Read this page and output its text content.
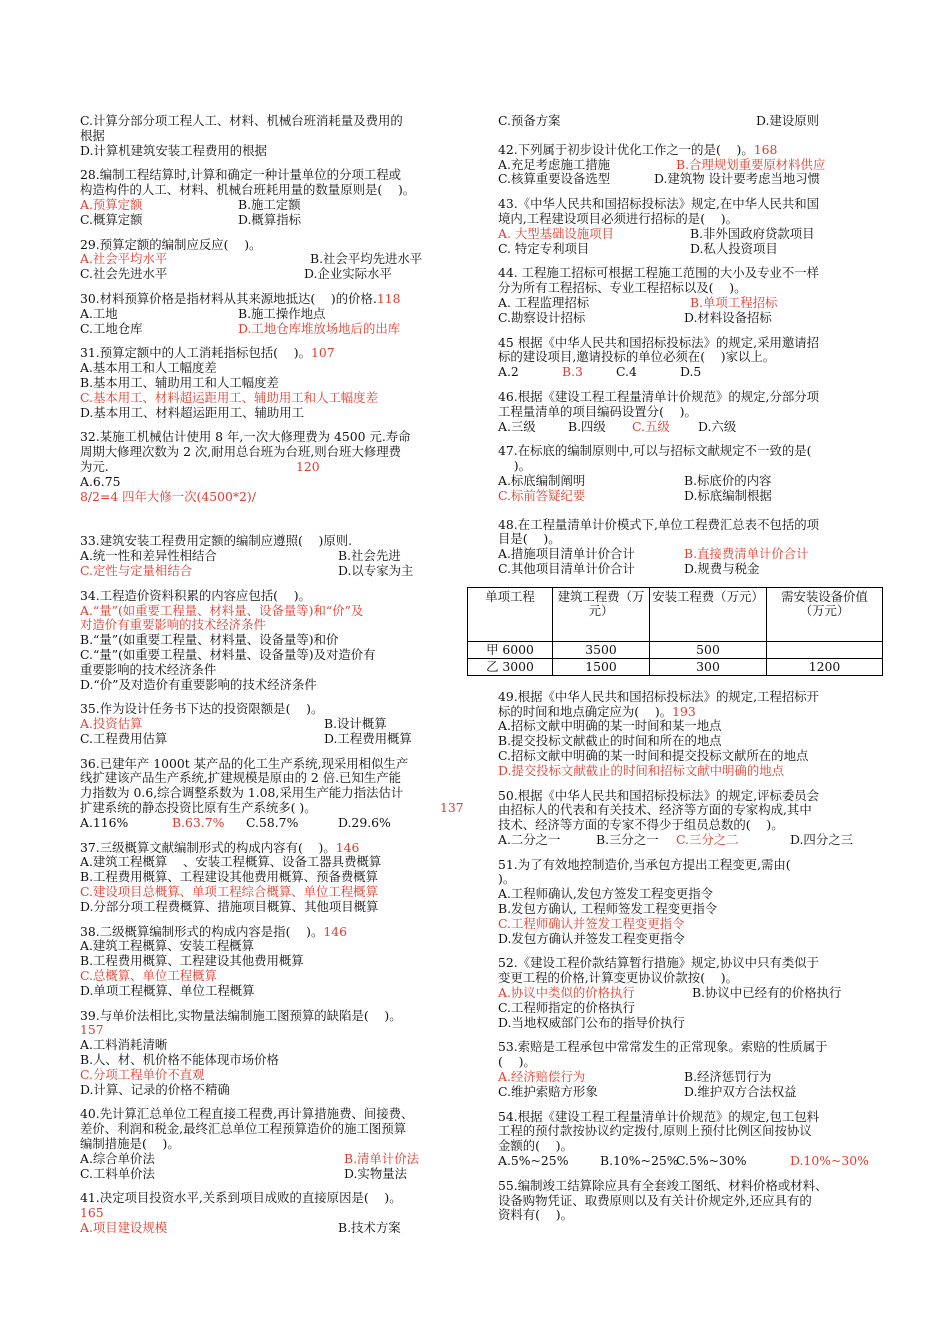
C.计算分部分项工程人工、材料、机械台班消耗量及费用的
根据
D.计算机建筑安装工程费用的根据
28.编制工程结算时,计算和确定一种计量单位的分项工程或
构造构件的人工、材料、机械台班耗用量的数量原则是(    )。
A.预算定额	B.施工定额
C.概算定额	D.概算指标
29.预算定额的编制应反应(    )。
A.社会平均水平	B.社会平均先进水平
C.社会先进水平	D.企业实际水平
30.材料预算价格是指材料从其来源地抵达(    )的价格.118
A.工地	B.施工操作地点
C.工地仓库	D.工地仓库堆放场地后的出库
31.预算定额中的人工消耗指标包括(    )。107
A.基本用工和人工幅度差
B.基本用工、辅助用工和人工幅度差
C.基本用工、材料超运距用工、辅助用工和人工幅度差
D.基本用工、材料超运距用工、辅助用工
32.某施工机械估计使用 8 年,一次大修理费为 4500 元.寿命
周期大修理次数为 2 次,耐用总台班为台班,则台班大修理费
为元.	120
A.6.75
8/2=4 四年大修一次(4500*2)/
33.建筑安装工程费用定额的编制应遵照(    )原则.
A.统一性和差异性相结合	B.社会先进
C.定性与定量相结合	D.以专家为主
34.工程造价资料积累的内容应包括(    )。
A.“量”(如重要工程量、材料量、设备量等)和“价”及
对造价有重要影响的技术经济条件
B.“量”(如重要工程量、材料量、设备量等)和价
C.“量”(如重要工程量、材料量、设备量等)及对造价有
重要影响的技术经济条件
D.“价”及对造价有重要影响的技术经济条件
35.作为设计任务书下达的投资限额是(    )。
A.投资估算	B.设计概算
C.工程费用估算	D.工程费用概算
36.已建年产 1000t 某产品的化工生产系统,现采用相似生产
线扩建该产品生产系统,扩建规模是原由的 2 倍.已知生产能
力指数为 0.6,综合调整系数为 1.08,采用生产能力指法估计
扩建系统的静态投资比原有生产系统多( )。	137
A.116%	B.63.7% C.58.7%	D.29.6%
37.三级概算文献编制形式的构成内容有(    )。146
A.建筑工程概算    、安装工程概算、设备工器具费概算
B.工程费用概算、工程建设其他费用概算、预备费概算
C.建设项目总概算、单项工程综合概算、单位工程概算
D.分部分项工程费概算、措施项目概算、其他项目概算
38.二级概算编制形式的构成内容是指(    )。146
A.建筑工程概算、安装工程概算
B.工程费用概算、工程建设其他费用概算
C.总概算、单位工程概算
D.单项工程概算、单位工程概算
39.与单价法相比,实物量法编制施工图预算的缺陷是(    )。
157
A.工料消耗清晰
B.人、材、机价格不能体现市场价格
C.分项工程单价不直观
D.计算、记录的价格不精确
40.先计算汇总单位工程直接工程费,再计算措施费、间接费、
差价、利润和税金,最终汇总单位工程预算造价的施工图预算
编制措施是(    )。
A.综合单价法	B.清单计价法
C.工料单价法	D.实物量法
41.决定项目投资水平,关系到项目成败的直接原因是(    )。
165
A.项目建设规模	B.技术方案
C.预备方案	D.建设原则
42.下列属于初步设计优化工作之一的是(    )。168
A.充足考虑施工措施	B.合理规划重要原材料供应
C.核算重要设备选型	D.建筑物 设计要考虑当地习惯
43.《中华人民共和国招标投标法》规定,在中华人民共和国
境内,工程建设项目必须进行招标的是(    )。
A. 大型基础设施项目	B.非外国政府贷款项目
C. 特定专利项目	D.私人投资项目
44. 工程施工招标可根据工程施工范围的大小及专业不一样
分为所有工程招标、专业工程招标以及(    )。
A. 工程监理招标	B.单项工程招标
C.勘察设计招标	D.材料设备招标
45 根据《中华人民共和国招标投标法》的规定,采用邀请招
标的建设项目,邀请投标的单位必须在(    )家以上。
A.2	B.3	C.4	D.5
46.根据《建设工程工程量清单计价规范》的规定,分部分项
工程量清单的项目编码设置分(    )。
A.三级	B.四级 C.五级 D.六级
47.在标底的编制原则中,可以与招标文献规定不一致的是(
)。
A.标底编制阐明	B.标底价的内容
C.标前答疑纪要	D.标底编制根据
48.在工程量清单计价模式下,单位工程费汇总表不包括的项
目是(    )。
A.措施项目清单计价合计	B.直接费清单计价合计
C.其他项目清单计价合计	D.规费与税金
单项工程	建筑工程费（万元）	安装工程费（万元）	需安装设备价值（万元）
甲 6000	3500	500	
乙 3000	1500	300	1200
49.根据《中华人民共和国招标投标法》的规定,工程招标开
标的时间和地点确定应为(    )。193
A.招标文献中明确的某一时间和某一地点
B.提交投标文献截止的时间和所在的地点
C.招标文献中明确的某一时间和提交投标文献所在的地点
D.提交投标文献截止的时间和招标文献中明确的地点
50.根据《中华人民共和国招标投标法》的规定,评标委员会
由招标人的代表和有关技术、经济等方面的专家构成,其中
技术、经济等方面的专家不得少于组员总数的(    )。
A.二分之一	B.三分之一 C.三分之二	D.四分之三
51.为了有效地控制造价,当承包方提出工程变更,需由(
)。
A.工程师确认,发包方签发工程变更指令
B.发包方确认, 工程师签发工程变更指令
C.工程师确认并签发工程变更指令
D.发包方确认并签发工程变更指令
52.《建设工程价款结算暂行措施》规定,协议中只有类似于
变更工程的价格,计算变更协议价款按(    )。
A.协议中类似的价格执行	B.协议中已经有的价格执行
C.工程师指定的价格执行
D.当地权威部门公布的指导价执行
53.索赔是工程承包中常常发生的正常现象。索赔的性质属于
(    )。
A.经济赔偿行为	B.经济惩罚行为
C.维护索赔方形象	D.维护双方合法权益
54.根据《建设工程工程量清单计价规范》的规定,包工包料
工程的预付款按协议约定拨付,原则上预付比例区间按协议
金额的(    )。
A.5%~25%	B.10%~25%
C.5%~30%	D.10%~30%
55.编制竣工结算除应具有全套竣工图纸、材料价格或材料、
设备购物凭证、取费原则以及有关计价规定外,还应具有的
资料有(    )。
